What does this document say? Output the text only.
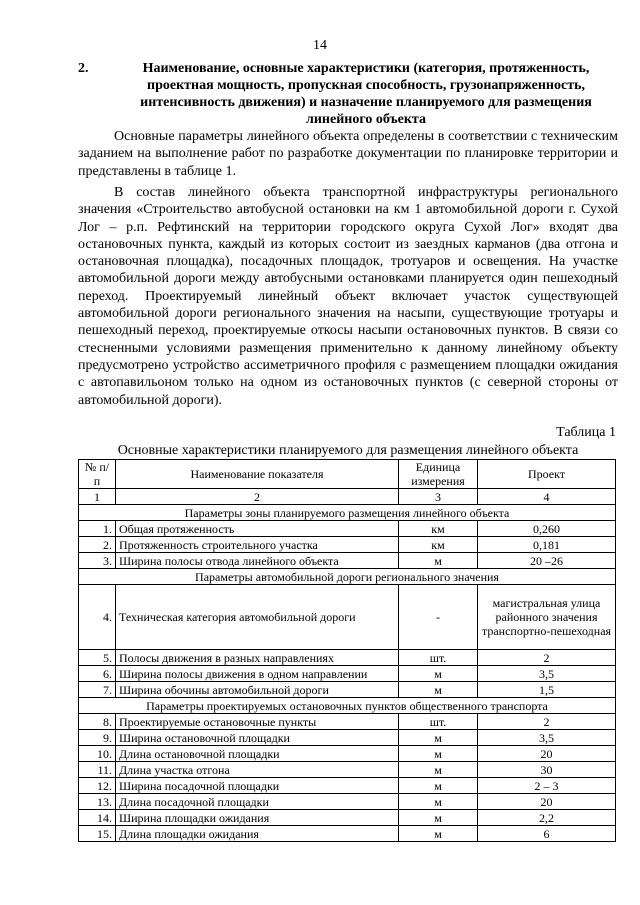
14
2.	Наименование, основные характеристики (категория, протяженность, проектная мощность, пропускная способность, грузонапряженность, интенсивность движения) и назначение планируемого для размещения линейного объекта

Основные параметры линейного объекта определены в соответствии с техническим заданием на выполнение работ по разработке документации по планировке территории и представлены в таблице 1.

В состав линейного объекта транспортной инфраструктуры регионального значения «Строительство автобусной остановки на км 1 автомобильной дороги г. Сухой Лог – р.п. Рефтинский на территории городского округа Сухой Лог» входят два остановочных пункта, каждый из которых состоит из заездных карманов (два отгона и остановочная площадка), посадочных площадок, тротуаров и освещения. На участке автомобильной дороги между автобусными остановками планируется один пешеходный переход. Проектируемый линейный объект включает участок существующей автомобильной дороги регионального значения на насыпи, существующие тротуары и пешеходный переход, проектируемые откосы насыпи остановочных пунктов. В связи со стесненными условиями размещения применительно к данному линейному объекту предусмотрено устройство ассиметричного профиля с размещением площадки ожидания с автопавильоном только на одном из остановочных пунктов (с северной стороны от автомобильной дороги).

Таблица 1
Основные характеристики планируемого для размещения линейного объекта
№ п/п	Наименование показателя	Единица измерения	Проект
1	2	3	4
Параметры зоны планируемого размещения линейного объекта			
1.	Общая протяженность	км	0,260
2.	Протяженность строительного участка	км	0,181
3.	Ширина полосы отвода линейного объекта	м	20 –26
Параметры автомобильной дороги регионального значения			
4.	Техническая категория автомобильной дороги	-	магистральная улица районного значения транспортно-пешеходная
5.	Полосы движения в разных направлениях	шт.	2
6.	Ширина полосы движения в одном направлении	м	3,5
7.	Ширина обочины автомобильной дороги	м	1,5
Параметры проектируемых остановочных пунктов общественного транспорта			
8.	Проектируемые остановочные пункты	шт.	2
9.	Ширина остановочной площадки	м	3,5
10.	Длина остановочной площадки	м	20
11.	Длина участка отгона	м	30
12.	Ширина посадочной площадки	м	2 – 3
13.	Длина посадочной площадки	м	20
14.	Ширина площадки ожидания	м	2,2
15.	Длина площадки ожидания	м	6
